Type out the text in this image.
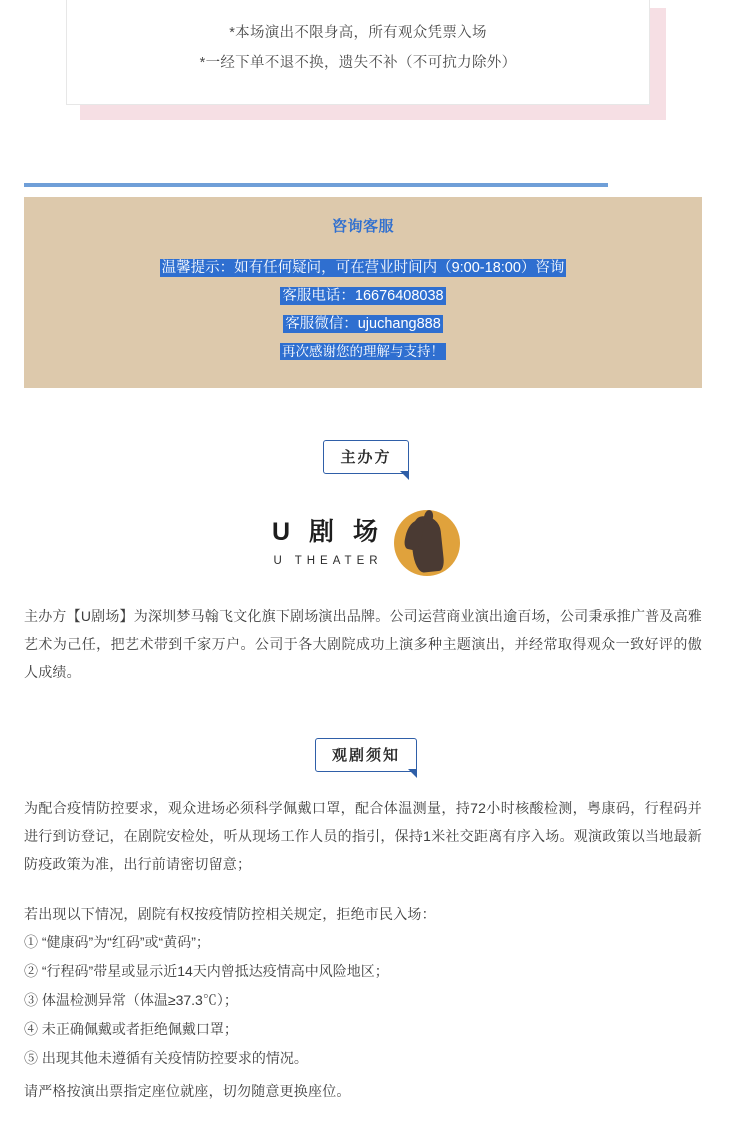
*本场演出不限身高，所有观众凭票入场
*一经下单不退不换，遗失不补（不可抗力除外）
咨询客服
温馨提示：如有任何疑问，可在营业时间内（9:00-18:00）咨询
客服电话：16676408038
客服微信：ujuchang888
再次感谢您的理解与支持！
主办方
U 剧 场
U THEATER
主办方【U剧场】为深圳梦马翰飞文化旗下剧场演出品牌。公司运营商业演出逾百场，公司秉承推广普及高雅艺术为己任，把艺术带到千家万户。公司于各大剧院成功上演多种主题演出，并经常取得观众一致好评的傲人成绩。
观剧须知
为配合疫情防控要求，观众进场必须科学佩戴口罩，配合体温测量，持72小时核酸检测，粤康码，行程码并进行到访登记，在剧院安检处，听从现场工作人员的指引，保持1米社交距离有序入场。观演政策以当地最新防疫政策为准，出行前请密切留意；
若出现以下情况，剧院有权按疫情防控相关规定，拒绝市民入场：
① “健康码”为“红码”或“黄码”；
② “行程码”带星或显示近14天内曾抵达疫情高中风险地区；
③ 体温检测异常（体温≥37.3℃）；
④ 未正确佩戴或者拒绝佩戴口罩；
⑤ 出现其他未遵循有关疫情防控要求的情况。
请严格按演出票指定座位就座，切勿随意更换座位。
